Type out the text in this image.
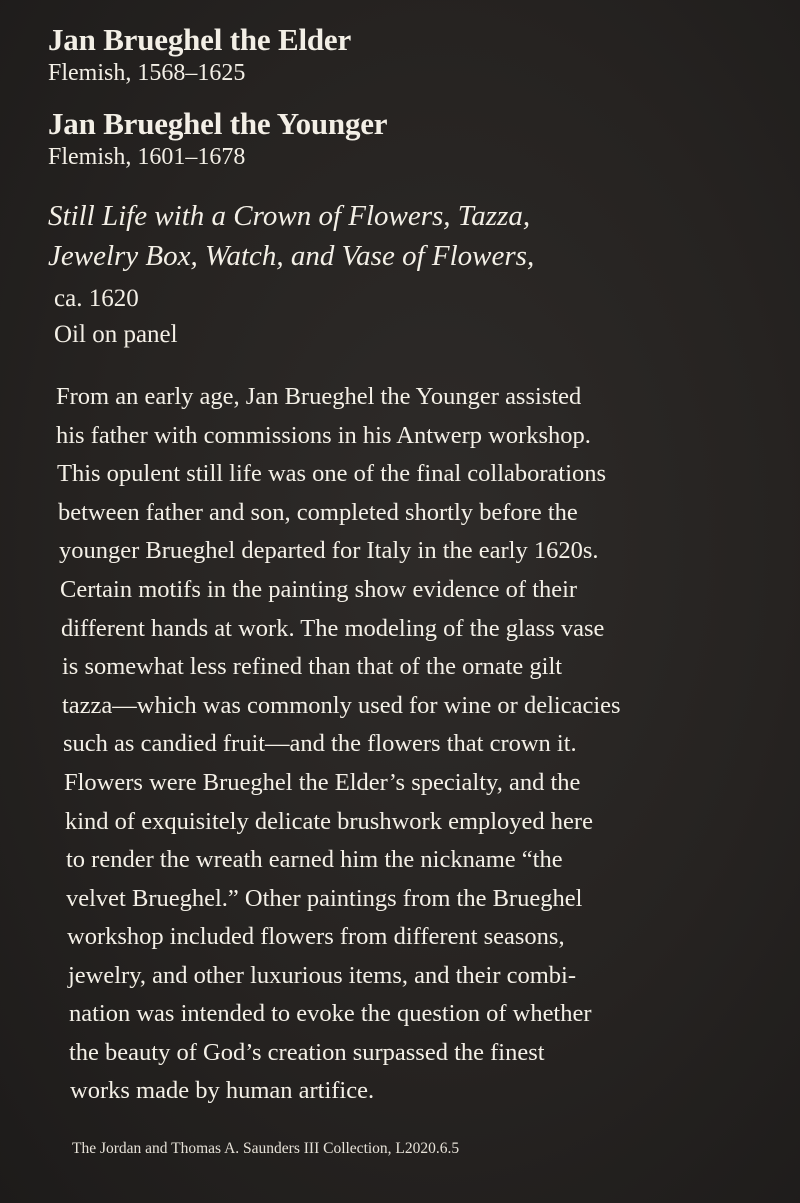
Jan Brueghel the Elder
Flemish, 1568–1625
Jan Brueghel the Younger
Flemish, 1601–1678
Still Life with a Crown of Flowers, Tazza,
Jewelry Box, Watch, and Vase of Flowers,
ca. 1620
Oil on panel
From an early age, Jan Brueghel the Younger assisted
his father with commissions in his Antwerp workshop.
This opulent still life was one of the final collaborations
between father and son, completed shortly before the
younger Brueghel departed for Italy in the early 1620s.
Certain motifs in the painting show evidence of their
different hands at work. The modeling of the glass vase
is somewhat less refined than that of the ornate gilt
tazza—which was commonly used for wine or delicacies
such as candied fruit—and the flowers that crown it.
Flowers were Brueghel the Elder’s specialty, and the
kind of exquisitely delicate brushwork employed here
to render the wreath earned him the nickname “the
velvet Brueghel.” Other paintings from the Brueghel
workshop included flowers from different seasons,
jewelry, and other luxurious items, and their combi-
nation was intended to evoke the question of whether
the beauty of God’s creation surpassed the finest
works made by human artifice.
The Jordan and Thomas A. Saunders III Collection, L2020.6.5
